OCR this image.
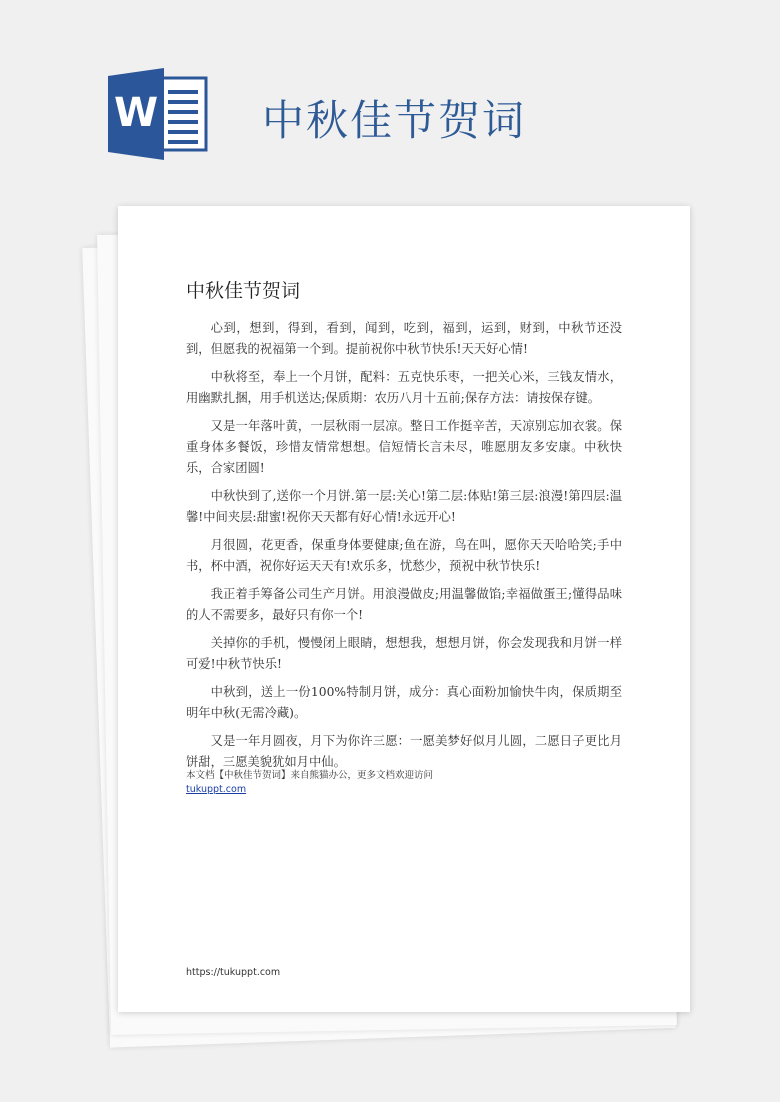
W 中秋佳节贺词
中秋佳节贺词

心到，想到，得到，看到，闻到，吃到，福到，运到，财到，中秋节还没到，但愿我的祝福第一个到。提前祝你中秋节快乐!天天好心情!

中秋将至，奉上一个月饼，配料：五克快乐枣，一把关心米，三钱友情水，用幽默扎捆，用手机送达;保质期：农历八月十五前;保存方法：请按保存键。

又是一年落叶黄，一层秋雨一层凉。整日工作挺辛苦，天凉别忘加衣裳。保重身体多餐饭，珍惜友情常想想。信短情长言未尽，唯愿朋友多安康。中秋快乐，合家团圆!

中秋快到了,送你一个月饼.第一层:关心!第二层:体贴!第三层:浪漫!第四层:温馨!中间夹层:甜蜜!祝你天天都有好心情!永远开心!

月很圆，花更香，保重身体要健康;鱼在游，鸟在叫，愿你天天哈哈笑;手中书，杯中酒，祝你好运天天有!欢乐多，忧愁少，预祝中秋节快乐!

我正着手筹备公司生产月饼。用浪漫做皮;用温馨做馅;幸福做蛋王;懂得品味的人不需要多，最好只有你一个!

关掉你的手机，慢慢闭上眼睛，想想我，想想月饼，你会发现我和月饼一样可爱!中秋节快乐!

中秋到，送上一份100%特制月饼，成分：真心面粉加愉快牛肉，保质期至明年中秋(无需冷藏)。

又是一年月圆夜，月下为你许三愿：一愿美梦好似月儿圆，二愿日子更比月饼甜，三愿美貌犹如月中仙。

本文档【中秋佳节贺词】来自熊猫办公，更多文档欢迎访问
tukuppt.com
https://tukuppt.com
